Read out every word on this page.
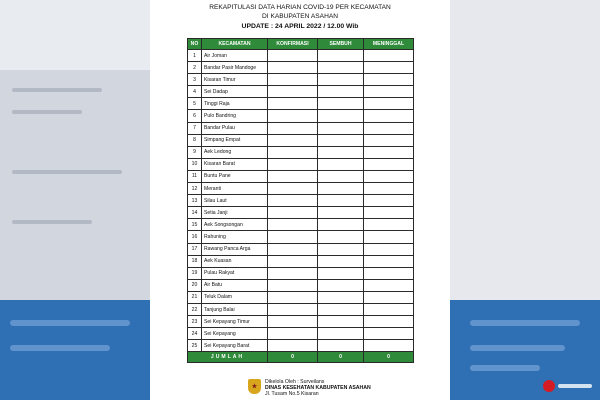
REKAPITULASI DATA HARIAN COVID-19 PER KECAMATAN
DI KABUPATEN ASAHAN
UPDATE : 24 APRIL 2022 / 12.00 Wib
NO	KECAMATAN	KONFIRMASI	SEMBUH	MENINGGAL
1	Air Joman			
2	Bandar Pasir Mandoge			
3	Kisaran Timur			
4	Sei Dadap			
5	Tinggi Raja			
6	Pulo Bandring			
7	Bandar Pulau			
8	Simpang Empat			
9	Aek Ledong			
10	Kisaran Barat			
11	Buntu Pane			
12	Meranti			
13	Silau Laut			
14	Setia Janji			
15	Aek Songsongan			
16	Rahuning			
17	Rawang Panca Arga			
18	Aek Kuasan			
19	Pulau Rakyat			
20	Air Batu			
21	Teluk Dalam			
22	Tanjung Balai			
23	Sei Kepayang Timur			
24	Sei Kepayang			
25	Sei Kepayang Barat			
JUMLAH		0	0	0
★
Dikelola Oleh : Surveilans
DINAS KESEHATAN KABUPATEN ASAHAN
Jl. Tusam No.5 Kisaran
